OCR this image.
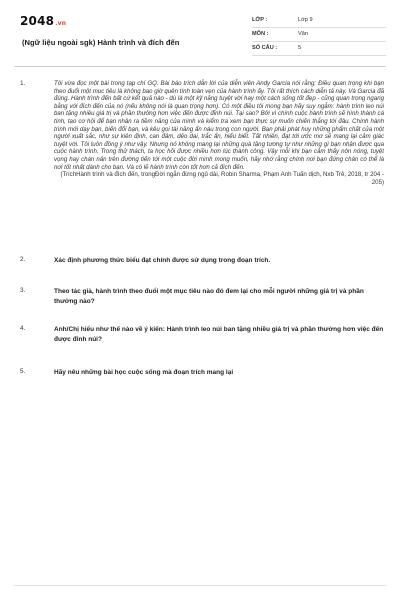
2048.vn
(Ngữ liệu ngoài sgk) Hành trình và đích đến
LỚP :	Lớp 9
MÔN :	Văn
SỐ CÂU :	5
1.	Tôi vừa đọc một bài trong tạp chí GQ. Bài báo trích dẫn lời của diễn viên Andy Garcia nói rằng: Điều quan trọng khi bạn theo đuổi một mục tiêu là không bao giờ quên tính toàn vẹn của hành trình ấy. Tôi rất thích cách diễn tả này. Và Garcia đã đúng. Hành trình đến bất cứ kết quả nào - dù là một kỹ năng tuyệt vời hay một cách sống tốt đẹp - cũng quan trọng ngang bằng với đích đến của nó (nếu không nói là quan trọng hơn). Có một điều tôi mong bạn hãy suy ngẫm: hành trình leo núi ban tặng nhiều giá trị và phần thưởng hơn việc đến được đỉnh núi. Tại sao? Bởi vì chính cuộc hành trình sẽ hình thành cá tính, tạo cơ hội để bạn nhận ra tiềm năng của mình và kiểm tra xem bạn thực sự muốn chiến thắng tới đâu. Chính hành trình mới dạy bạn, biến đổi bạn, và kêu gọi tài năng ẩn náu trong con người. Bạn phải phát huy những phẩm chất của một người xuất sắc, như sự kiên định, can đảm, dẻo dai, trắc ẩn, hiểu biết. Tất nhiên, đạt tới ước mơ sẽ mang lại cảm giác tuyệt vời. Tôi luôn đồng ý như vậy. Nhưng nó không mang lại những quà tặng tương tự như những gì bạn nhận được qua cuộc hành trình. Trong thử thách, ta học hỏi được nhiều hơn lúc thành công. Vậy mỗi khi bạn cảm thấy nôn nóng, tuyệt vọng hay chán nản trên đường tiến tới một cuộc đời mình mong muốn, hãy nhớ rằng chính nơi bạn đứng chân có thể là nơi tốt nhất dành cho bạn. Và có lẽ hành trình còn tốt hơn cả đích đến.

(TríchHành trình và đích đến, trongĐời ngắn đừng ngủ dài, Robin Sharma, Phạm Anh Tuấn dịch, Nxb Trẻ, 2018, tr 204 - 205)

2.	Xác định phương thức biểu đạt chính được sử dụng trong đoạn trích.

3.	Theo tác giả, hành trình theo đuổi một mục tiêu nào đó đem lại cho mỗi người những giá trị và phần thưởng nào?

4.	Anh/Chị hiểu như thế nào về ý kiến: Hành trình leo núi ban tặng nhiều giá trị và phần thưởng hơn việc đến được đỉnh núi?

5.	Hãy nêu những bài học cuộc sống mà đoạn trích mang lại
